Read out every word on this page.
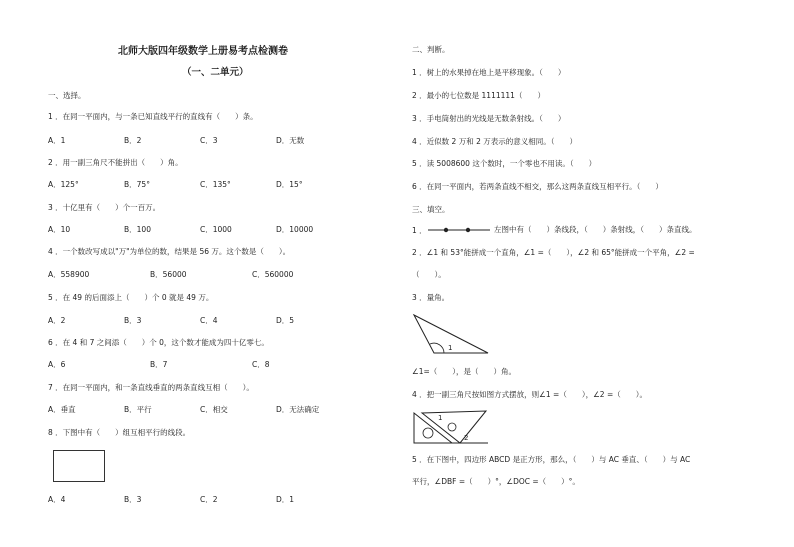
北师大版四年级数学上册易考点检测卷
（一、二单元）
一、选择。
1 ．在同一平面内，与一条已知直线平行的直线有（　　）条。
A．1	B．2	C．3	D．无数
2 ．用一副三角尺不能拼出（　　）角。
A．125°	B．75°	C．135°	D．15°
3 ．十亿里有（　　）个一百万。
A．10	B．100	C．1000	D．10000
4 ．一个数改写成以"万"为单位的数，结果是 56 万。这个数是（　　）。
A．558900	B．56000	C．560000
5 ．在 49 的后面添上（　　）个 0 就是 49 万。
A．2	B．3	C．4	D．5
6 ．在 4 和 7 之间添（　　）个 0，这个数才能成为四十亿零七。
A．6	B．7	C．8
7 ．在同一平面内，和一条直线垂直的两条直线互相（　　）。
A．垂直	B．平行	C．相交	D．无法确定
8 ．下图中有（　　）组互相平行的线段。
A．4	B．3	C．2	D．1
二、判断。
1 ．树上的水果掉在地上是平移现象。（　　）
2 ．最小的七位数是 1111111（　　）
3 ．手电筒射出的光线是无数条射线。（　　）
4 ．近似数 2 万和 2 万表示的意义相同。（　　）
5 ．读 5008600 这个数时，一个零也不用读。（　　）
6 ．在同一平面内，若两条直线不相交，那么这两条直线互相平行。（　　）
三、填空。
1 ．	左图中有（　　）条线段，（　　）条射线，（　　）条直线。
2 ．∠1 和 53°能拼成一个直角，∠1 =（　　），∠2 和 65°能拼成一个平角，∠2 =
（　　）。
3 ．量角。
1
∠1=（　　），是（　　）角。
4 ．把一副三角尺按如图方式摆放，则∠1 =（　　），∠2 =（　　）。
1
2
5 ．在下图中，四边形 ABCD 是正方形，那么，（　　）与 AC 垂直、（　　）与 AC
平行，∠DBF =（　　）°，∠DOC =（　　）°。
